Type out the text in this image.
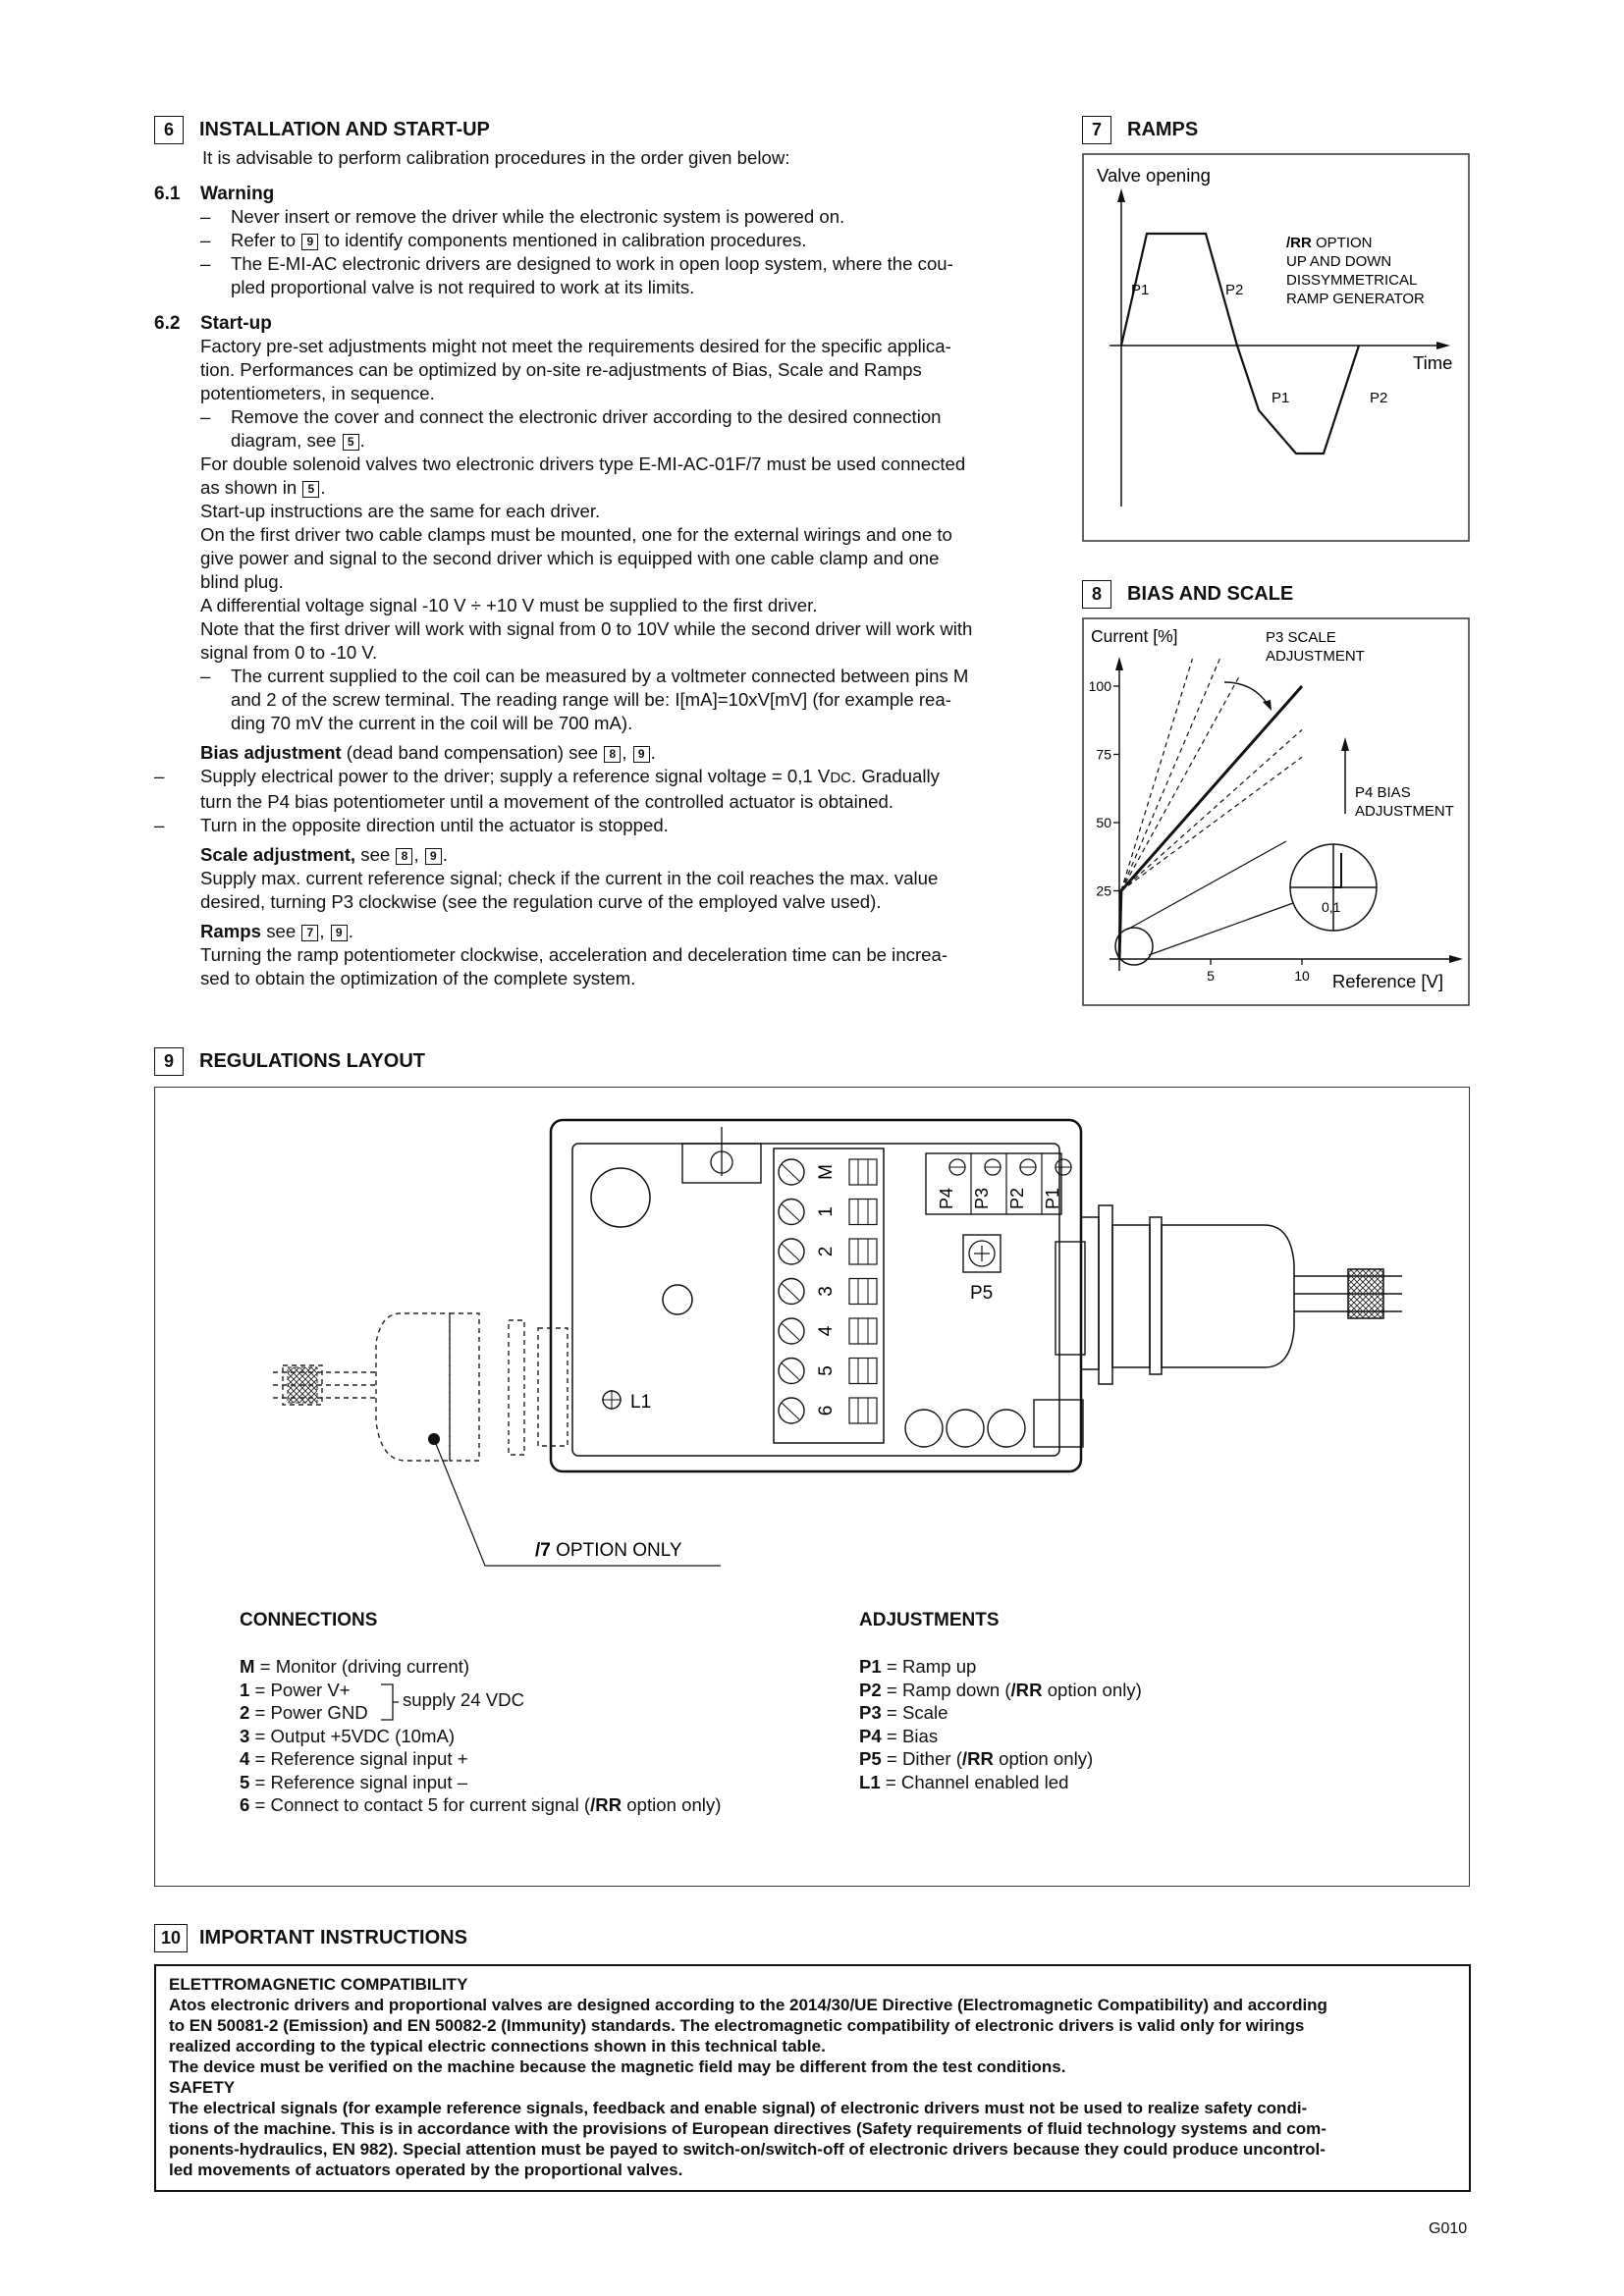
6	INSTALLATION AND START-UP
It is advisable to perform calibration procedures in the order given below:
6.1	Warning
–	Never insert or remove the driver while the electronic system is powered on.
–	Refer to 9 to identify components mentioned in calibration procedures.
–	The E-MI-AC electronic drivers are designed to work in open loop system, where the cou-
pled proportional valve is not required to work at its limits.
6.2	Start-up
Factory pre-set adjustments might not meet the requirements desired for the specific applica-
tion. Performances can be optimized by on-site re-adjustments of Bias, Scale and Ramps
potentiometers, in sequence.
–	Remove the cover and connect the electronic driver according to the desired connection
diagram, see 5 .
For double solenoid valves two electronic drivers type E-MI-AC-01F/7 must be used connected
as shown in 5 .
Start-up instructions are the same for each driver.
On the first driver two cable clamps must be mounted, one for the external wirings and one to
give power and signal to the second driver which is equipped with one cable clamp and one
blind plug.
A differential voltage signal -10 V ÷ +10 V must be supplied to the first driver.
Note that the first driver will work with signal from 0 to 10V while the second driver will work with
signal from 0 to -10 V.
–	The current supplied to the coil can be measured by a voltmeter connected between pins M
and 2 of the screw terminal. The reading range will be: I[mA]=10xV[mV] (for example rea-
ding 70 mV the current in the coil will be 700 mA).
Bias adjustment (dead band compensation) see 8 , 9 .
–	Supply electrical power to the driver; supply a reference signal voltage = 0,1 VDC. Gradually
turn the P4 bias potentiometer until a movement of the controlled actuator is obtained.
–	Turn in the opposite direction until the actuator is stopped.
Scale adjustment, see 8 , 9 .
Supply max. current reference signal; check if the current in the coil reaches the max. value
desired, turning P3 clockwise (see the regulation curve of the employed valve used).
Ramps see 7 , 9 .
Turning the ramp potentiometer clockwise, acceleration and deceleration time can be increa-
sed to obtain the optimization of the complete system.
7	RAMPS
Valve opening
Time
P1	P2
P1	P2
/RR OPTION
UP AND DOWN
DISSYMMETRICAL
RAMP GENERATOR
8	BIAS AND SCALE
Current [%]	P3 SCALE
ADJUSTMENT
P4 BIAS
ADJUSTMENT
Reference [V]
25
50
75
100
5	10
0,1
9	REGULATIONS LAYOUT
/7 OPTION ONLY
L1
M
1
2
3
4
5
6
P4 P3 P2 P1
P5
CONNECTIONS
M = Monitor (driving current)
1 = Power V+
2 = Power GND
3 = Output +5VDC (10mA)
4 = Reference signal input +
5 = Reference signal input –
6 = Connect to contact 5 for current signal (/RR option only)
supply 24 VDC
ADJUSTMENTS
P1 = Ramp up
P2 = Ramp down (/RR option only)
P3 = Scale
P4 = Bias
P5 = Dither (/RR option only)
L1 = Channel enabled led
10 IMPORTANT INSTRUCTIONS
ELETTROMAGNETIC COMPATIBILITY
Atos electronic drivers and proportional valves are designed according to the 2014/30/UE Directive (Electromagnetic Compatibility) and according
to EN 50081-2 (Emission) and EN 50082-2 (Immunity) standards. The electromagnetic compatibility of electronic drivers is valid only for wirings
realized according to the typical electric connections shown in this technical table.
The device must be verified on the machine because the magnetic field may be different from the test conditions.
SAFETY
The electrical signals (for example reference signals, feedback and enable signal) of electronic drivers must not be used to realize safety condi-
tions of the machine. This is in accordance with the provisions of European directives (Safety requirements of fluid technology systems and com-
ponents-hydraulics, EN 982). Special attention must be payed to switch-on/switch-off of electronic drivers because they could produce uncontrol-
led movements of actuators operated by the proportional valves.
G010
